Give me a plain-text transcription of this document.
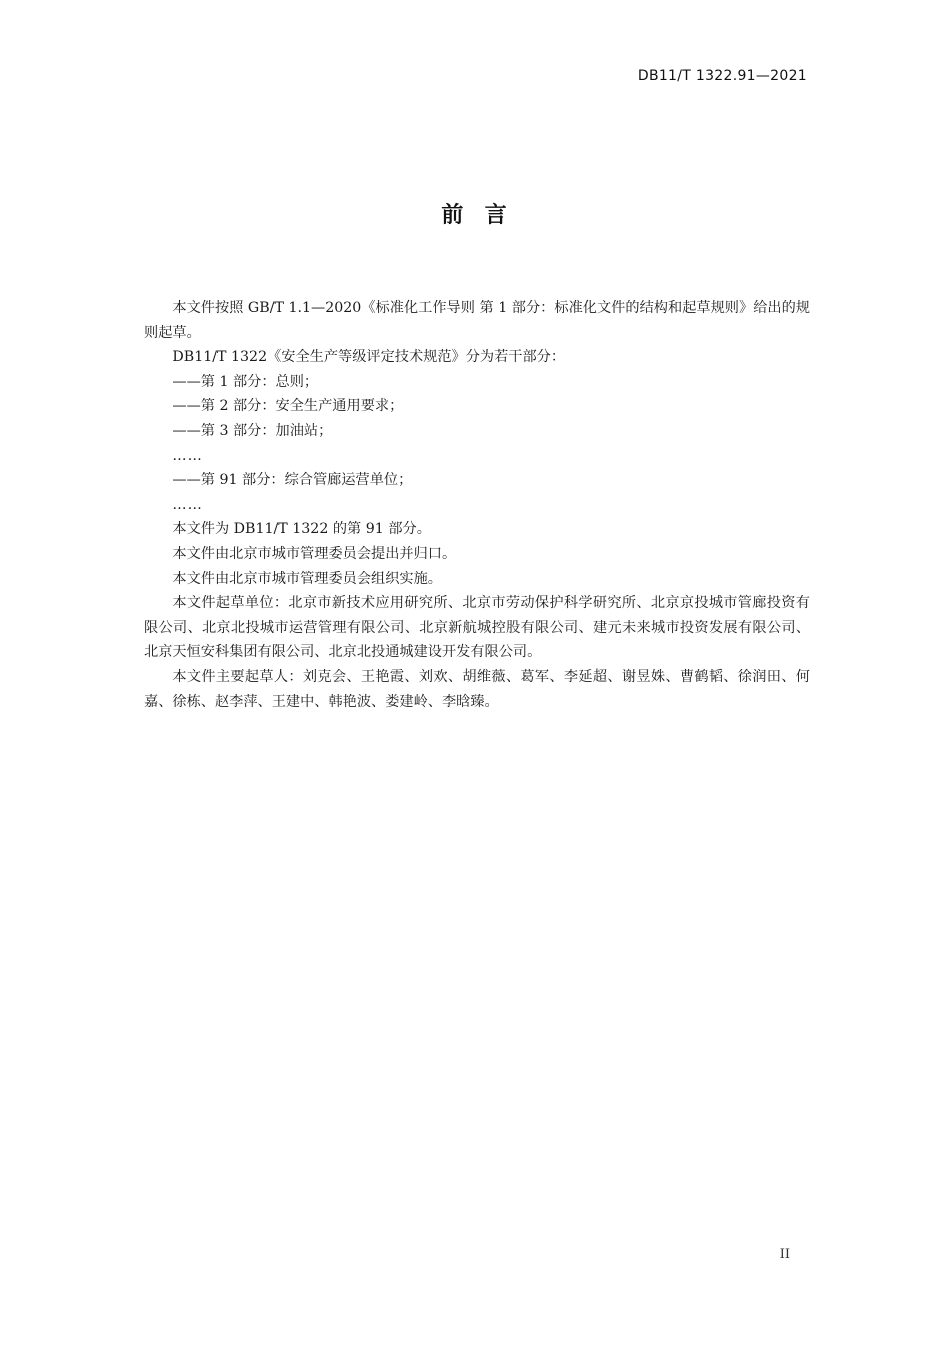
DB11/T 1322.91—2021
前  言

本文件按照 GB/T 1.1—2020《标准化工作导则 第 1 部分：标准化文件的结构和起草规则》给出的规则起草。

DB11/T 1322《安全生产等级评定技术规范》分为若干部分：

——第 1 部分：总则；

——第 2 部分：安全生产通用要求；

——第 3 部分：加油站；

……

——第 91 部分：综合管廊运营单位；

……

本文件为 DB11/T 1322 的第 91 部分。

本文件由北京市城市管理委员会提出并归口。

本文件由北京市城市管理委员会组织实施。

本文件起草单位：北京市新技术应用研究所、北京市劳动保护科学研究所、北京京投城市管廊投资有限公司、北京北投城市运营管理有限公司、北京新航城控股有限公司、建元未来城市投资发展有限公司、北京天恒安科集团有限公司、北京北投通城建设开发有限公司。

本文件主要起草人：刘克会、王艳霞、刘欢、胡维薇、葛军、李延超、谢昱姝、曹鹤韬、徐润田、何嘉、徐栋、赵李萍、王建中、韩艳波、娄建岭、李晗臻。

II
